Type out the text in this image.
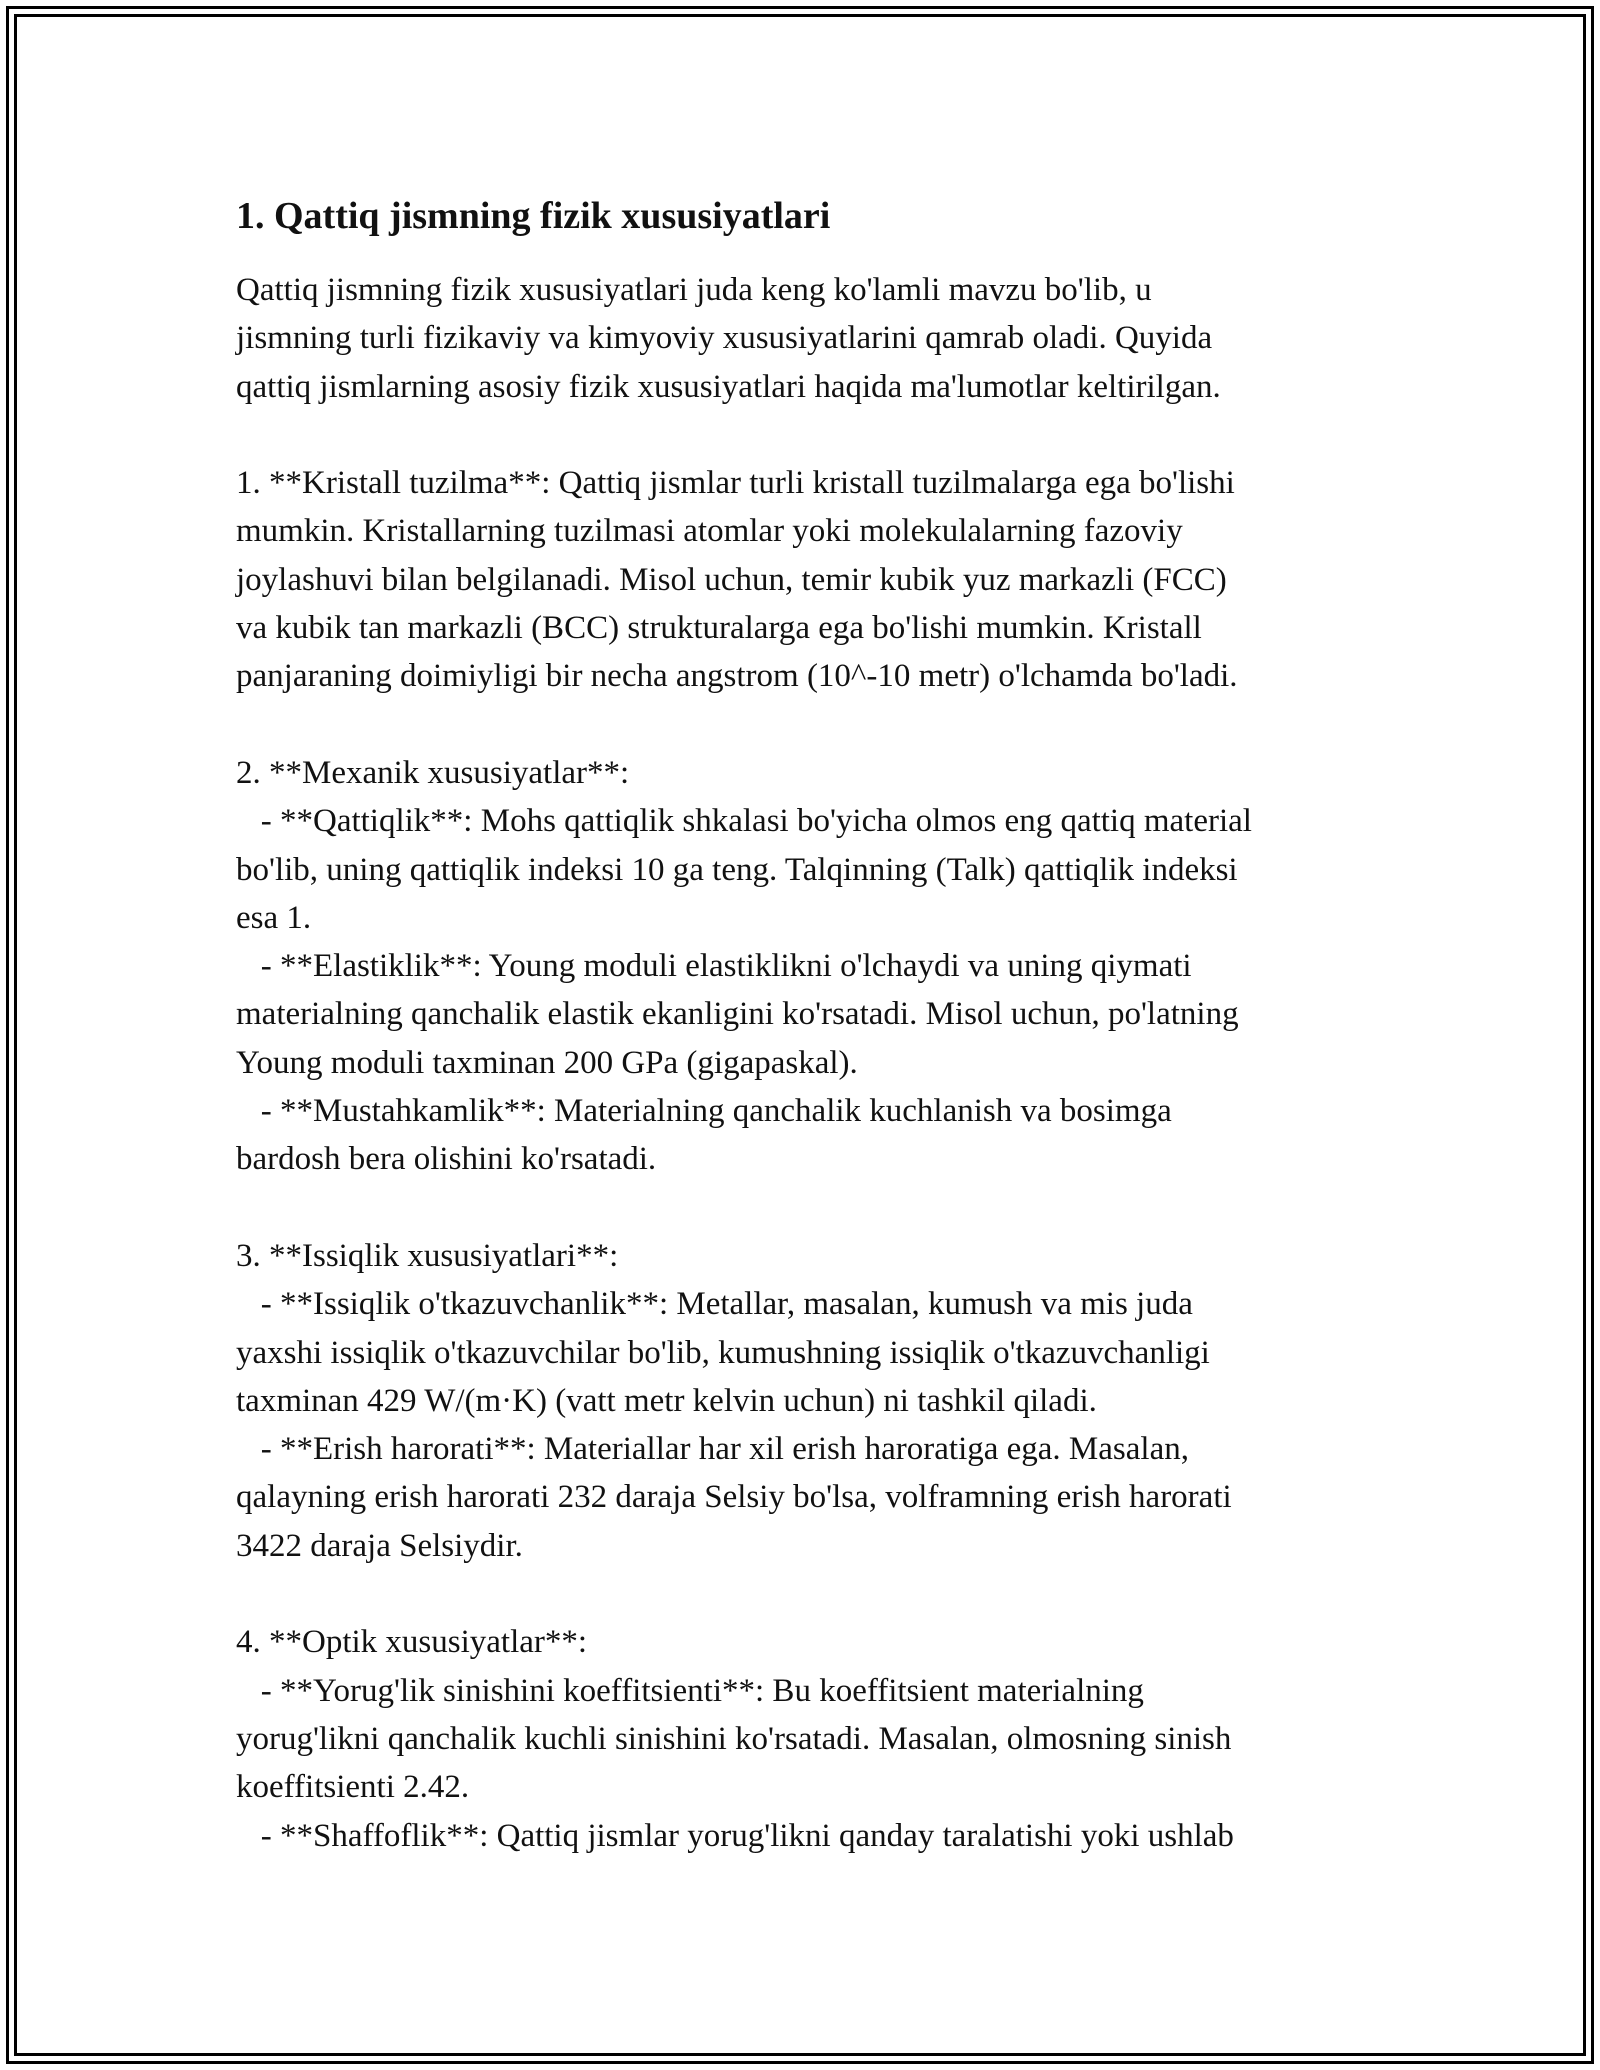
1. Qattiq jismning fizik xususiyatlari

Qattiq jismning fizik xususiyatlari juda keng ko'lamli mavzu bo'lib, u
jismning turli fizikaviy va kimyoviy xususiyatlarini qamrab oladi. Quyida
qattiq jismlarning asosiy fizik xususiyatlari haqida ma'lumotlar keltirilgan.

1. **Kristall tuzilma**: Qattiq jismlar turli kristall tuzilmalarga ega bo'lishi
mumkin. Kristallarning tuzilmasi atomlar yoki molekulalarning fazoviy
joylashuvi bilan belgilanadi. Misol uchun, temir kubik yuz markazli (FCC)
va kubik tan markazli (BCC) strukturalarga ega bo'lishi mumkin. Kristall
panjaraning doimiyligi bir necha angstrom (10^-10 metr) o'lchamda bo'ladi.

2. **Mexanik xususiyatlar**:
- **Qattiqlik**: Mohs qattiqlik shkalasi bo'yicha olmos eng qattiq material
bo'lib, uning qattiqlik indeksi 10 ga teng. Talqinning (Talk) qattiqlik indeksi
esa 1.
- **Elastiklik**: Young moduli elastiklikni o'lchaydi va uning qiymati
materialning qanchalik elastik ekanligini ko'rsatadi. Misol uchun, po'latning
Young moduli taxminan 200 GPa (gigapaskal).
- **Mustahkamlik**: Materialning qanchalik kuchlanish va bosimga
bardosh bera olishini ko'rsatadi.

3. **Issiqlik xususiyatlari**:
- **Issiqlik o'tkazuvchanlik**: Metallar, masalan, kumush va mis juda
yaxshi issiqlik o'tkazuvchilar bo'lib, kumushning issiqlik o'tkazuvchanligi
taxminan 429 W/(m·K) (vatt metr kelvin uchun) ni tashkil qiladi.
- **Erish harorati**: Materiallar har xil erish haroratiga ega. Masalan,
qalayning erish harorati 232 daraja Selsiy bo'lsa, volframning erish harorati
3422 daraja Selsiydir.

4. **Optik xususiyatlar**:
- **Yorug'lik sinishini koeffitsienti**: Bu koeffitsient materialning
yorug'likni qanchalik kuchli sinishini ko'rsatadi. Masalan, olmosning sinish
koeffitsienti 2.42.
- **Shaffoflik**: Qattiq jismlar yorug'likni qanday taralatishi yoki ushlab
